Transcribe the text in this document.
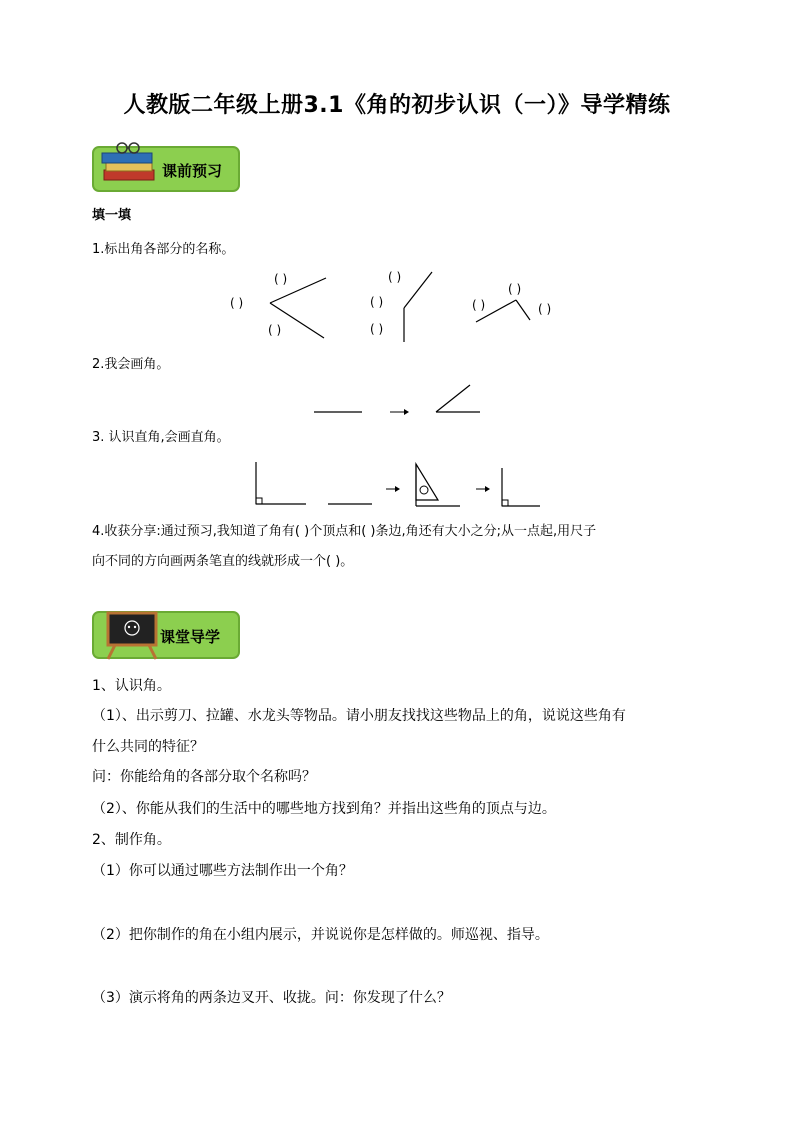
人教版二年级上册3.1《角的初步认识（一）》导学精练
课前预习
填一填
1.标出角各部分的名称。
( )
( )
( )
( )
( )
( )
( )
( )	( )
2.我会画角。
3. 认识直角,会画直角。
4.收获分享:通过预习,我知道了角有( )个顶点和( )条边,角还有大小之分;从一点起,用尺子
向不同的方向画两条笔直的线就形成一个( )。
课堂导学
1、认识角。
（1）、出示剪刀、拉罐、水龙头等物品。请小朋友找找这些物品上的角，说说这些角有
什么共同的特征？
问：你能给角的各部分取个名称吗？
（2）、你能从我们的生活中的哪些地方找到角？并指出这些角的顶点与边。
2、制作角。
（1）你可以通过哪些方法制作出一个角？
（2）把你制作的角在小组内展示，并说说你是怎样做的。师巡视、指导。
（3）演示将角的两条边叉开、收拢。问：你发现了什么？
